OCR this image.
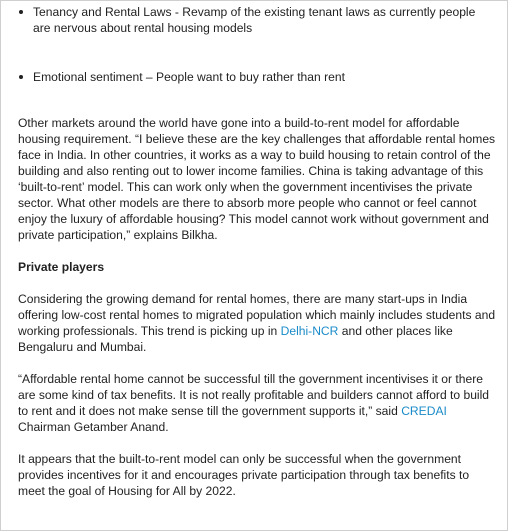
Tenancy and Rental Laws - Revamp of the existing tenant laws as currently people are nervous about rental housing models
Emotional sentiment – People want to buy rather than rent

Other markets around the world have gone into a build-to-rent model for affordable housing requirement. “I believe these are the key challenges that affordable rental homes face in India. In other countries, it works as a way to build housing to retain control of the building and also renting out to lower income families. China is taking advantage of this ‘built-to-rent’ model. This can work only when the government incentivises the private sector. What other models are there to absorb more people who cannot or feel cannot enjoy the luxury of affordable housing? This model cannot work without government and private participation,” explains Bilkha.

Private players

Considering the growing demand for rental homes, there are many start-ups in India offering low-cost rental homes to migrated population which mainly includes students and working professionals. This trend is picking up in Delhi-NCR and other places like Bengaluru and Mumbai.

“Affordable rental home cannot be successful till the government incentivises it or there are some kind of tax benefits. It is not really profitable and builders cannot afford to build to rent and it does not make sense till the government supports it,” said CREDAI Chairman Getamber Anand.

It appears that the built-to-rent model can only be successful when the government provides incentives for it and encourages private participation through tax benefits to meet the goal of Housing for All by 2022.
